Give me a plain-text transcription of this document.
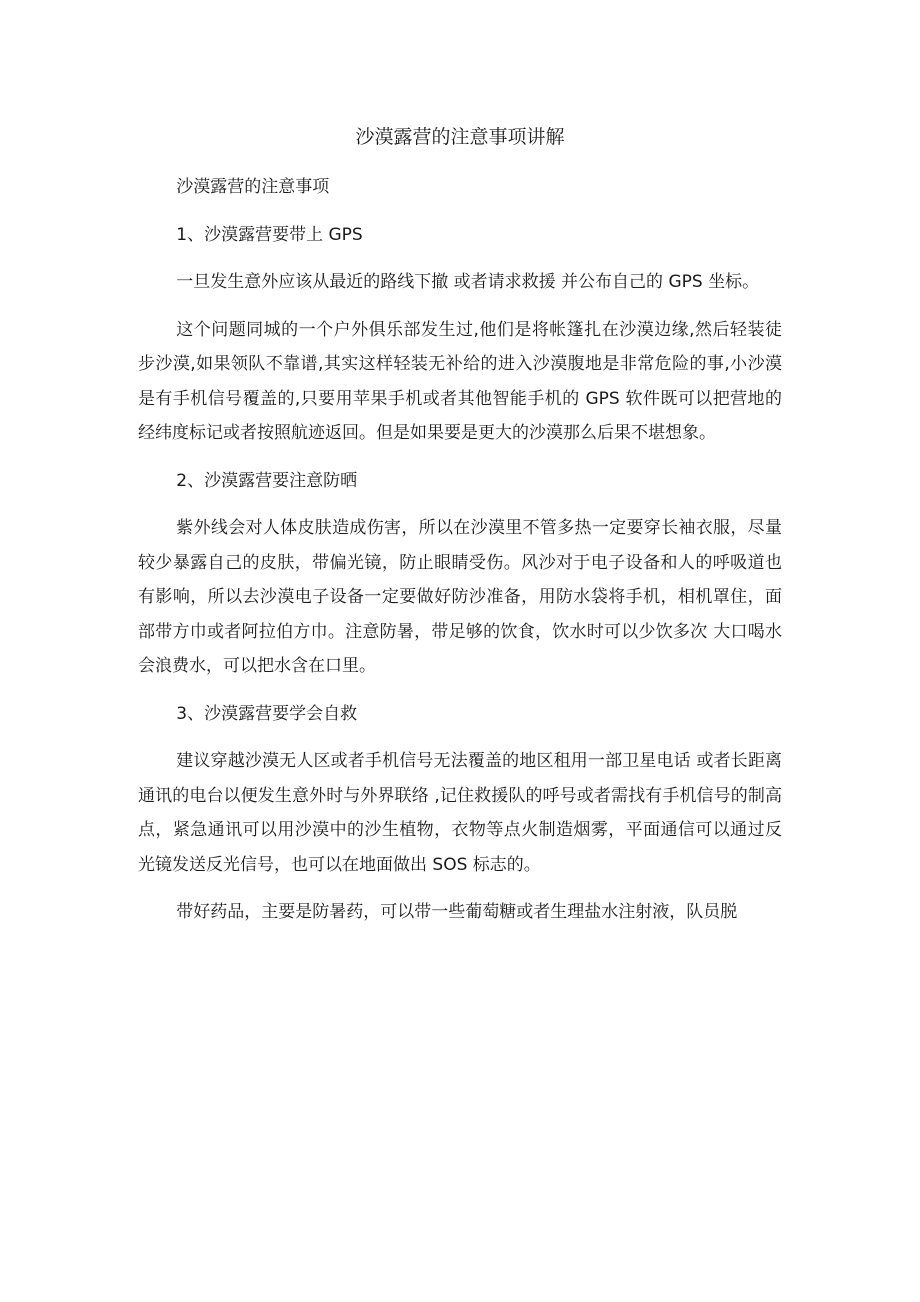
沙漠露营的注意事项讲解

沙漠露营的注意事项

1、沙漠露营要带上 GPS

一旦发生意外应该从最近的路线下撤 或者请求救援 并公布自己的 GPS 坐标。

这个问题同城的一个户外俱乐部发生过,他们是将帐篷扎在沙漠边缘,然后轻装徒步沙漠,如果领队不靠谱,其实这样轻装无补给的进入沙漠腹地是非常危险的事,小沙漠是有手机信号覆盖的,只要用苹果手机或者其他智能手机的 GPS 软件既可以把营地的经纬度标记或者按照航迹返回。但是如果要是更大的沙漠那么后果不堪想象。

2、沙漠露营要注意防晒

紫外线会对人体皮肤造成伤害，所以在沙漠里不管多热一定要穿长袖衣服，尽量较少暴露自己的皮肤，带偏光镜，防止眼睛受伤。风沙对于电子设备和人的呼吸道也有影响，所以去沙漠电子设备一定要做好防沙准备，用防水袋将手机，相机罩住，面部带方巾或者阿拉伯方巾。注意防暑，带足够的饮食，饮水时可以少饮多次 大口喝水会浪费水，可以把水含在口里。

3、沙漠露营要学会自救

建议穿越沙漠无人区或者手机信号无法覆盖的地区租用一部卫星电话 或者长距离通讯的电台以便发生意外时与外界联络 ,记住救援队的呼号或者需找有手机信号的制高点，紧急通讯可以用沙漠中的沙生植物，衣物等点火制造烟雾，平面通信可以通过反光镜发送反光信号，也可以在地面做出 SOS 标志的。

带好药品，主要是防暑药，可以带一些葡萄糖或者生理盐水注射液，队员脱
